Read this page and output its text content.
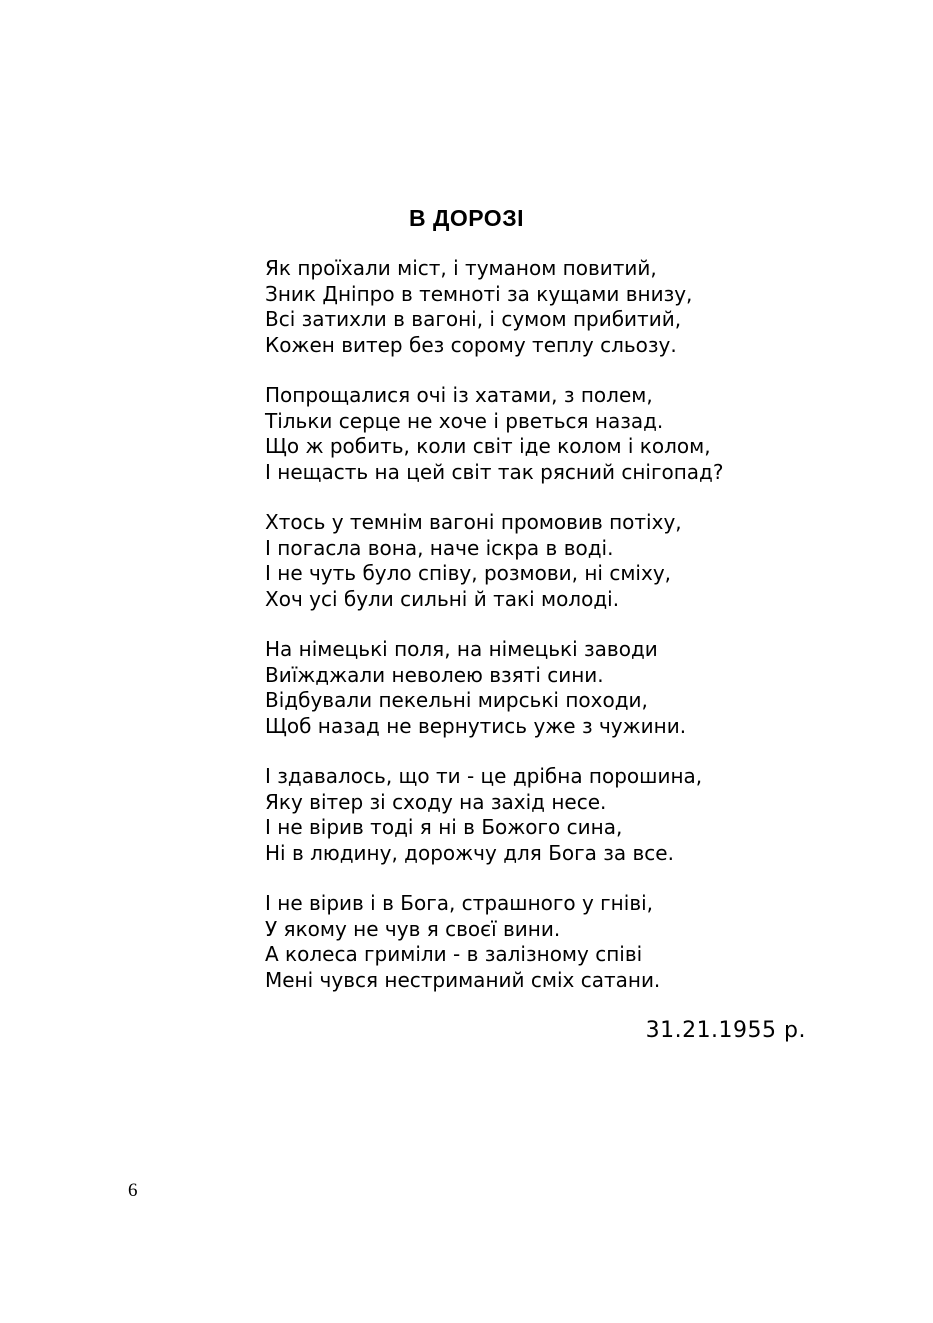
В ДОРОЗІ
Як проїхали міст, і туманом повитий,
Зник Дніпро в темноті за кущами внизу,
Всі затихли в вагоні, і сумом прибитий,
Кожен витер без сорому теплу сльозу.
Попрощалися очі із хатами, з полем,
Тільки серце не хоче і рветься назад.
Що ж робить, коли світ іде колом і колом,
І нещасть на цей світ так рясний снігопад?
Хтось у темнім вагоні промовив потіху,
І погасла вона, наче іскра в воді.
І не чуть було співу, розмови, ні сміху,
Хоч усі були сильні й такі молоді.
На німецькі поля, на німецькі заводи
Виїжджали неволею взяті сини.
Відбували пекельні мирські походи,
Щоб назад не вернутись уже з чужини.
І здавалось, що ти - це дрібна порошина,
Яку вітер зі сходу на захід несе.
І не вірив тоді я ні в Божого сина,
Ні в людину, дорожчу для Бога за все.
І не вірив і в Бога, страшного у гніві,
У якому не чув я своєї вини.
А колеса гриміли - в залізному співі
Мені чувся нестриманий сміх сатани.
31.21.1955 р.
6
